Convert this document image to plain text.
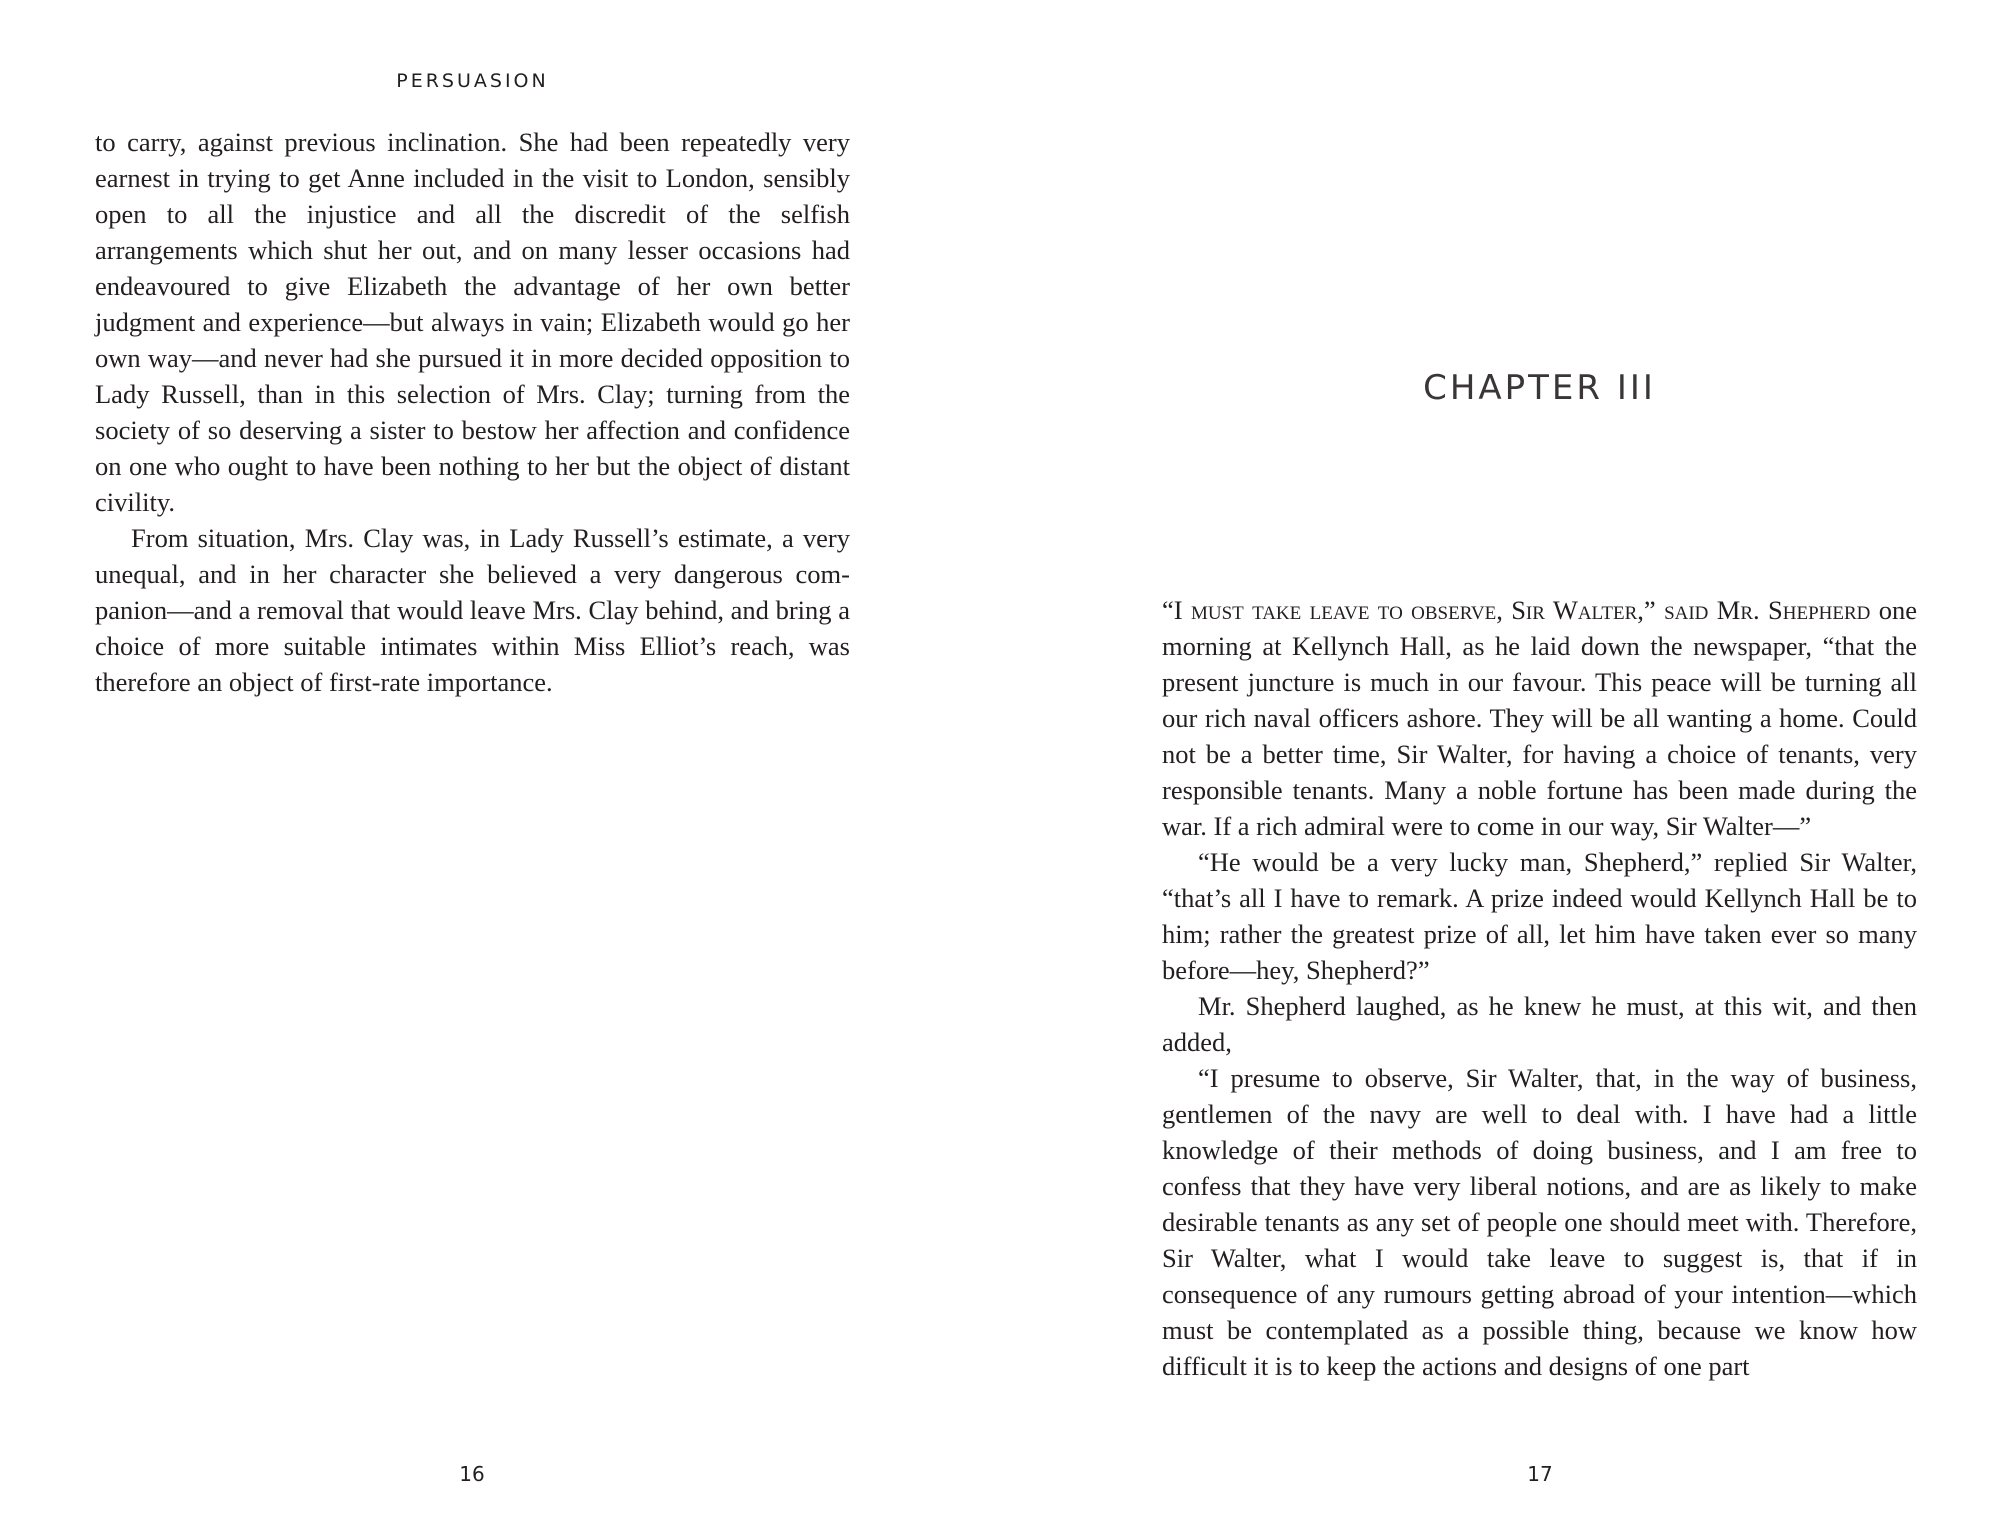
PERSUASION

to carry, against previous inclination. She had been repeatedly very earnest in trying to get Anne included in the visit to London, sensibly open to all the injustice and all the discredit of the selfish arrangements which shut her out, and on many lesser occasions had endeavoured to give Elizabeth the advantage of her own better judgment and experience—but always in vain; Elizabeth would go her own way—and never had she pursued it in more decided opposition to Lady Russell, than in this selection of Mrs. Clay; turning from the society of so deserving a sister to bestow her affection and confidence on one who ought to have been nothing to her but the object of distant civility.

From situation, Mrs. Clay was, in Lady Russell’s estimate, a very unequal, and in her character she believed a very dangerous companion—and a removal that would leave Mrs. Clay behind, and bring a choice of more suitable intimates within Miss Elliot’s reach, was therefore an object of first-rate importance.

16
CHAPTER III

“I must take leave to observe, Sir Walter,” said Mr. Shepherd one morning at Kellynch Hall, as he laid down the newspaper, “that the present juncture is much in our favour. This peace will be turning all our rich naval officers ashore. They will be all wanting a home. Could not be a better time, Sir Walter, for having a choice of tenants, very responsible tenants. Many a noble fortune has been made during the war. If a rich admiral were to come in our way, Sir Walter—”

“He would be a very lucky man, Shepherd,” replied Sir Walter, “that’s all I have to remark. A prize indeed would Kellynch Hall be to him; rather the greatest prize of all, let him have taken ever so many before—hey, Shepherd?”

Mr. Shepherd laughed, as he knew he must, at this wit, and then added,

“I presume to observe, Sir Walter, that, in the way of business, gentlemen of the navy are well to deal with. I have had a little knowledge of their methods of doing business, and I am free to confess that they have very liberal notions, and are as likely to make desirable tenants as any set of people one should meet with. Therefore, Sir Walter, what I would take leave to suggest is, that if in consequence of any rumours getting abroad of your intention—which must be contemplated as a possible thing, because we know how difficult it is to keep the actions and designs of one part

17
